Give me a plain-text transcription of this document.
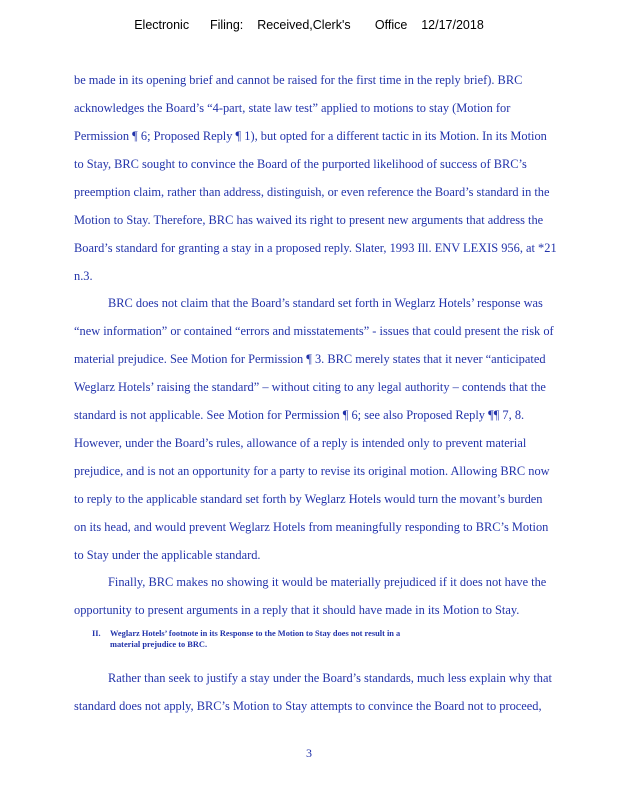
Electronic Filing: Received,Clerk's Office 12/17/2018
be made in its opening brief and cannot be raised for the first time in the reply brief). BRC
acknowledges the Board’s “4-part, state law test” applied to motions to stay (Motion for
Permission ¶ 6; Proposed Reply ¶ 1), but opted for a different tactic in its Motion. In its Motion
to Stay, BRC sought to convince the Board of the purported likelihood of success of BRC’s
preemption claim, rather than address, distinguish, or even reference the Board’s standard in the
Motion to Stay. Therefore, BRC has waived its right to present new arguments that address the
Board’s standard for granting a stay in a proposed reply. Slater, 1993 Ill. ENV LEXIS 956, at *21
n.3.
BRC does not claim that the Board’s standard set forth in Weglarz Hotels’ response was
“new information” or contained “errors and misstatements” - issues that could present the risk of
material prejudice. See Motion for Permission ¶ 3. BRC merely states that it never “anticipated
Weglarz Hotels’ raising the standard” – without citing to any legal authority – contends that the
standard is not applicable. See Motion for Permission ¶ 6; see also Proposed Reply ¶¶ 7, 8.
However, under the Board’s rules, allowance of a reply is intended only to prevent material
prejudice, and is not an opportunity for a party to revise its original motion. Allowing BRC now
to reply to the applicable standard set forth by Weglarz Hotels would turn the movant’s burden
on its head, and would prevent Weglarz Hotels from meaningfully responding to BRC’s Motion
to Stay under the applicable standard.
Finally, BRC makes no showing it would be materially prejudiced if it does not have the
opportunity to present arguments in a reply that it should have made in its Motion to Stay.
II. Weglarz Hotels’ footnote in its Response to the Motion to Stay does not result in a
material prejudice to BRC.
Rather than seek to justify a stay under the Board’s standards, much less explain why that
standard does not apply, BRC’s Motion to Stay attempts to convince the Board not to proceed,
3
